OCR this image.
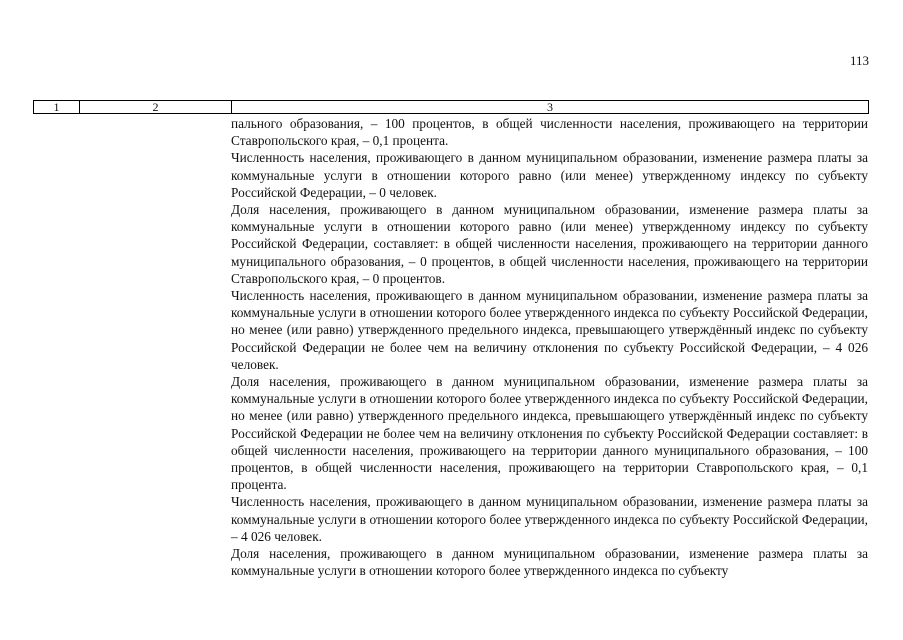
113
1	2	3

пального образования, – 100 процентов, в общей численности населения, проживающего на территории Ставропольского края, – 0,1 процента.

Численность населения, проживающего в данном муниципальном образовании, изменение размера платы за коммунальные услуги в отношении которого равно (или менее) утвержденному индексу по субъекту Российской Федерации, – 0 человек.

Доля населения, проживающего в данном муниципальном образовании, изменение размера платы за коммунальные услуги в отношении которого равно (или менее) утвержденному индексу по субъекту Российской Федерации, составляет: в общей численности населения, проживающего на территории данного муниципального образования, – 0 процентов, в общей численности населения, проживающего на территории Ставропольского края, – 0 процентов.

Численность населения, проживающего в данном муниципальном образовании, изменение размера платы за коммунальные услуги в отношении которого более утвержденного индекса по субъекту Российской Федерации, но менее (или равно) утвержденного предельного индекса, превышающего утверждённый индекс по субъекту Российской Федерации не более чем на величину отклонения по субъекту Российской Федерации, – 4 026 человек.

Доля населения, проживающего в данном муниципальном образовании, изменение размера платы за коммунальные услуги в отношении которого более утвержденного индекса по субъекту Российской Федерации, но менее (или равно) утвержденного предельного индекса, превышающего утверждённый индекс по субъекту Российской Федерации не более чем на величину отклонения по субъекту Российской Федерации составляет: в общей численности населения, проживающего на территории данного муниципального образования, – 100 процентов, в общей численности населения, проживающего на территории Ставропольского края, – 0,1 процента.

Численность населения, проживающего в данном муниципальном образовании, изменение размера платы за коммунальные услуги в отношении которого более утвержденного индекса по субъекту Российской Федерации, – 4 026 человек.

Доля населения, проживающего в данном муниципальном образовании, изменение размера платы за коммунальные услуги в отношении которого более утвержденного индекса по субъекту
